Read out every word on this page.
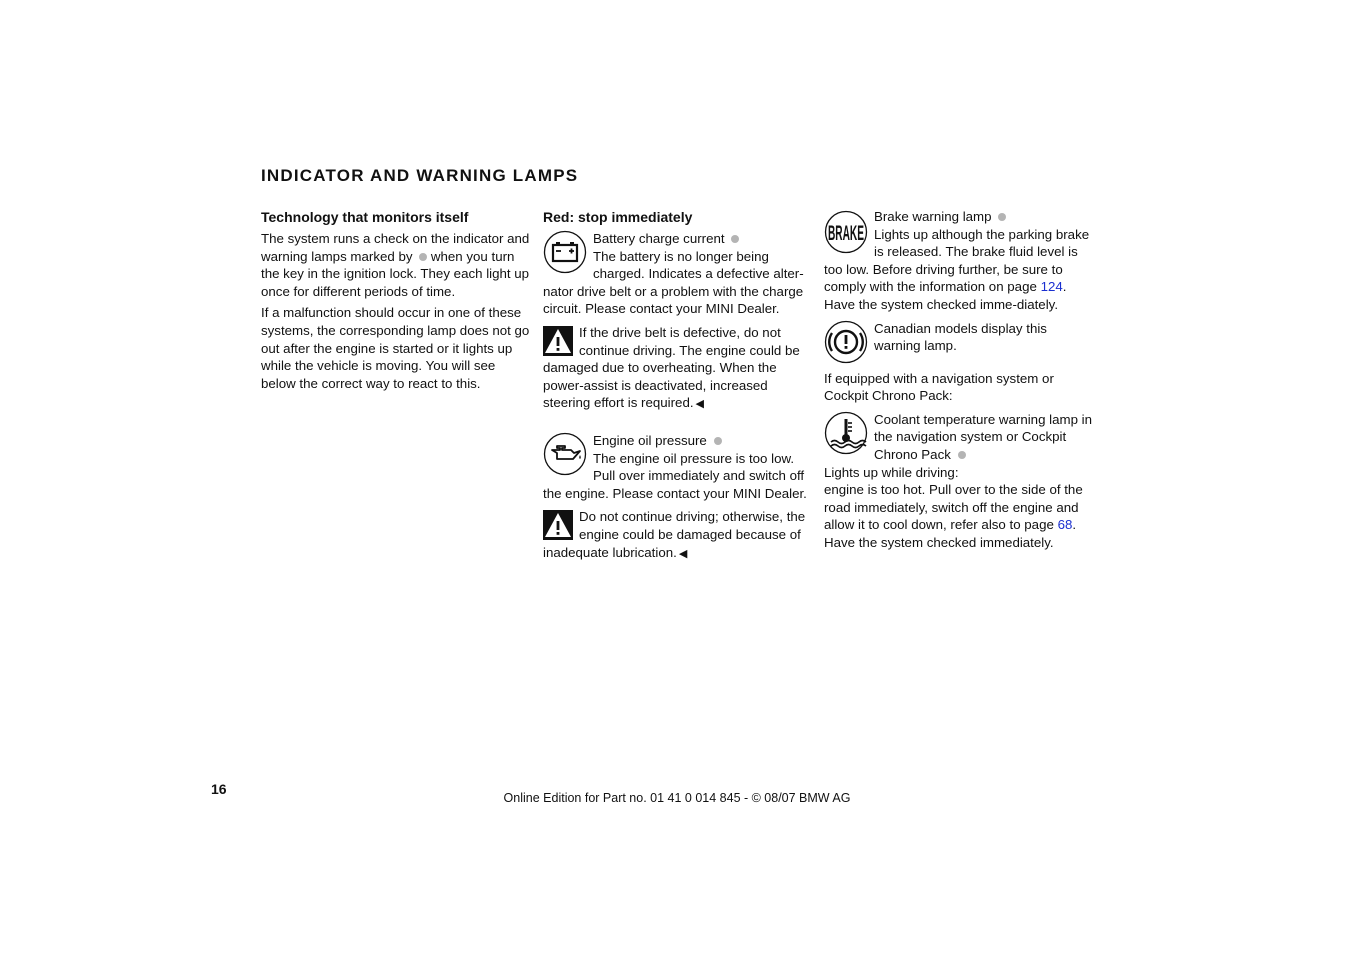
INDICATOR AND WARNING LAMPS
Technology that monitors itself

The system runs a check on the indicator and warning lamps marked by when you turn the key in the ignition lock. They each light up once for different periods of time.

If a malfunction should occur in one of these systems, the corresponding lamp does not go out after the engine is started or it lights up while the vehicle is moving. You will see below the correct way to react to this.

Red: stop immediately
Battery charge current
The battery is no longer being charged. Indicates a defective alter-nator drive belt or a problem with the charge circuit. Please contact your MINI Dealer.
If the drive belt is defective, do not continue driving. The engine could be damaged due to overheating. When the power-assist is deactivated, increased steering effort is required. ◀
Engine oil pressure
The engine oil pressure is too low. Pull over immediately and switch off the engine. Please contact your MINI Dealer.
Do not continue driving; otherwise, the engine could be damaged because of inadequate lubrication. ◀
BRAKE
Brake warning lamp
Lights up although the parking brake is released. The brake fluid level is too low. Before driving further, be sure to comply with the information on page 124. Have the system checked imme-diately.
Canadian models display this warning lamp.

If equipped with a navigation system or Cockpit Chrono Pack:

Coolant temperature warning lamp in the navigation system or Cockpit Chrono Pack
Lights up while driving:

engine is too hot. Pull over to the side of the road immediately, switch off the engine and allow it to cool down, refer also to page 68. Have the system checked immediately.

16
Online Edition for Part no. 01 41 0 014 845 - © 08/07 BMW AG
